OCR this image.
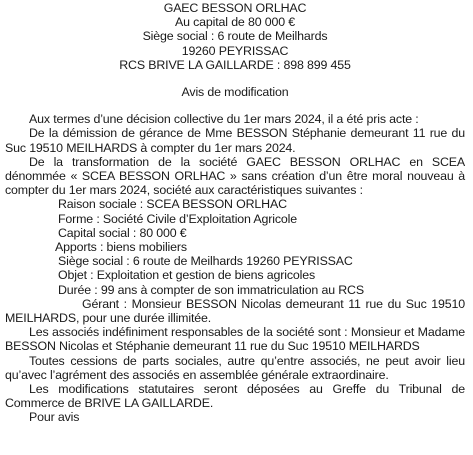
GAEC BESSON ORLHAC
Au capital de 80 000 €
Siège social : 6 route de Meilhards
19260 PEYRISSAC
RCS BRIVE LA GAILLARDE : 898 899 455
Avis de modification

Aux termes d’une décision collective du 1er mars 2024, il a été pris acte :

De la démission de gérance de Mme BESSON Stéphanie demeurant 11 rue du Suc 19510 MEILHARDS à compter du 1er mars 2024.

De la transformation de la société GAEC BESSON ORLHAC en SCEA dénommée « SCEA BESSON ORLHAC » sans création d’un être moral nouveau à compter du 1er mars 2024, société aux caractéristiques suivantes :

Raison sociale : SCEA BESSON ORLHAC
Forme : Société Civile d’Exploitation Agricole
Capital social : 80 000 €
Apports : biens mobiliers
Siège social : 6 route de Meilhards 19260 PEYRISSAC
Objet : Exploitation et gestion de biens agricoles
Durée : 99 ans à compter de son immatriculation au RCS

Gérant : Monsieur BESSON Nicolas demeurant 11 rue du Suc 19510 MEILHARDS, pour une durée illimitée.

Les associés indéfiniment responsables de la société sont : Monsieur et Madame BESSON Nicolas et Stéphanie demeurant 11 rue du Suc 19510 MEILHARDS

Toutes cessions de parts sociales, autre qu’entre associés, ne peut avoir lieu qu’avec l’agrément des associés en assemblée générale extraordinaire.

Les modifications statutaires seront déposées au Greffe du Tribunal de Commerce de BRIVE LA GAILLARDE.

Pour avis
